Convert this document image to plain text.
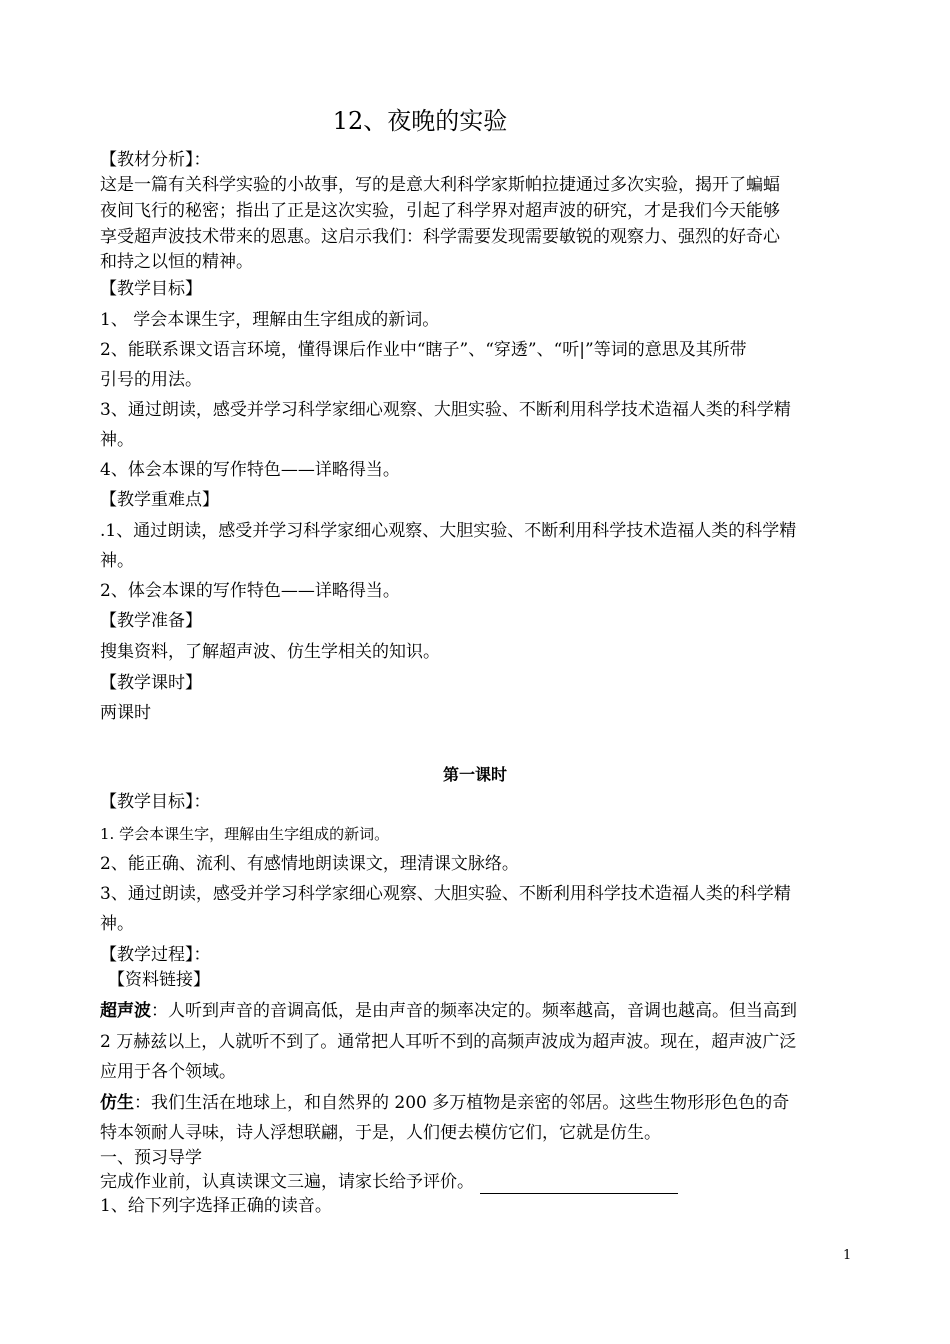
12、夜晚的实验
【教材分析】：
这是一篇有关科学实验的小故事，写的是意大利科学家斯帕拉捷通过多次实验，揭开了蝙蝠
夜间飞行的秘密；指出了正是这次实验，引起了科学界对超声波的研究，才是我们今天能够
享受超声波技术带来的恩惠。这启示我们：科学需要发现需要敏锐的观察力、强烈的好奇心
和持之以恒的精神。
【教学目标】
1、 学会本课生字，理解由生字组成的新词。
2、能联系课文语言环境，懂得课后作业中“瞎子”、“穿透”、“听|”等词的意思及其所带
引号的用法。
3、通过朗读，感受并学习科学家细心观察、大胆实验、不断利用科学技术造福人类的科学精
神。
4、体会本课的写作特色——详略得当。
【教学重难点】
.1、通过朗读，感受并学习科学家细心观察、大胆实验、不断利用科学技术造福人类的科学精
神。
2、体会本课的写作特色——详略得当。
【教学准备】
搜集资料，了解超声波、仿生学相关的知识。
【教学课时】
两课时
第一课时
【教学目标】：
1. 学会本课生字，理解由生字组成的新词。
2、能正确、流利、有感情地朗读课文，理清课文脉络。
3、通过朗读，感受并学习科学家细心观察、大胆实验、不断利用科学技术造福人类的科学精
神。
【教学过程】：
【资料链接】
超声波：人听到声音的音调高低，是由声音的频率决定的。频率越高，音调也越高。但当高到
2 万赫兹以上，人就听不到了。通常把人耳听不到的高频声波成为超声波。现在，超声波广泛
应用于各个领域。
仿生：我们生活在地球上，和自然界的 200 多万植物是亲密的邻居。这些生物形形色色的奇
特本领耐人寻味，诗人浮想联翩，于是，人们便去模仿它们，它就是仿生。
一、预习导学
完成作业前，认真读课文三遍，请家长给予评价。
1、给下列字选择正确的读音。
1
